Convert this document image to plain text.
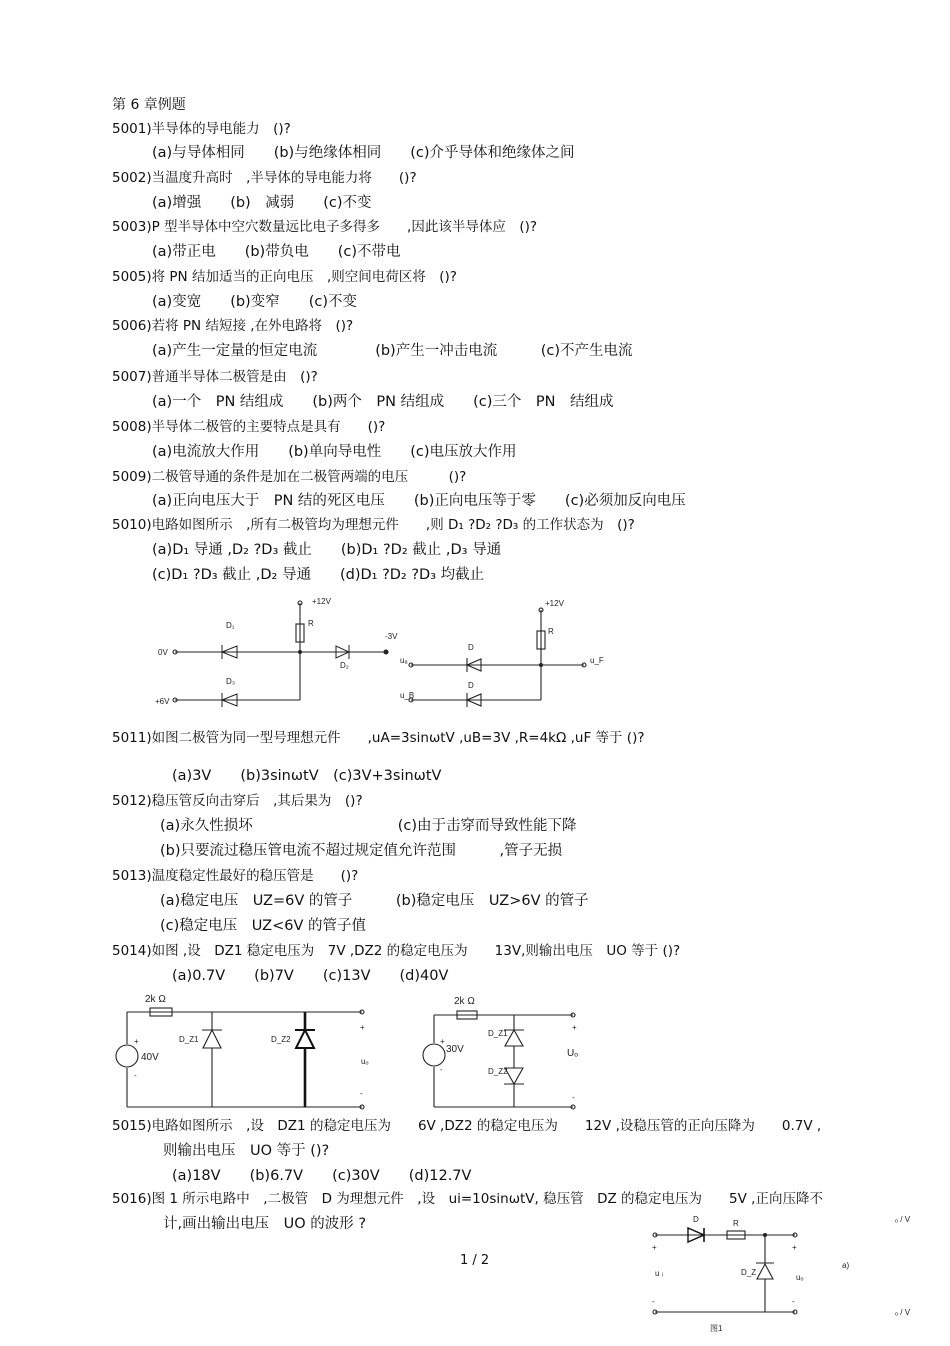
第 6 章例题
5001)半导体的导电能力　()?
(a)与导体相同　　(b)与绝缘体相同　　(c)介乎导体和绝缘体之间
5002)当温度升高时　,半导体的导电能力将　　()?
(a)增强　　(b)　减弱　　(c)不变
5003)P 型半导体中空穴数量远比电子多得多　　,因此该半导体应　()?
(a)带正电　　(b)带负电　　(c)不带电
5005)将 PN 结加适当的正向电压　,则空间电荷区将　()?
(a)变宽　　(b)变窄　　(c)不变
5006)若将 PN 结短接 ,在外电路将　()?
(a)产生一定量的恒定电流　　　　(b)产生一冲击电流　　　(c)不产生电流
5007)普通半导体二极管是由　()?
(a)一个　PN 结组成　　(b)两个　PN 结组成　　(c)三个　PN　结组成
5008)半导体二极管的主要特点是具有　　()?
(a)电流放大作用　　(b)单向导电性　　(c)电压放大作用
5009)二极管导通的条件是加在二极管两端的电压　　　()?
(a)正向电压大于　PN 结的死区电压　　(b)正向电压等于零　　(c)必须加反向电压
5010)电路如图所示　,所有二极管均为理想元件　　,则 D₁ ?D₂ ?D₃ 的工作状态为　()?
(a)D₁ 导通 ,D₂ ?D₃ 截止　　(b)D₁ ?D₂ 截止 ,D₃ 导通
(c)D₁ ?D₃ 截止 ,D₂ 导通　　(d)D₁ ?D₂ ?D₃ 均截止
5011)如图二极管为同一型号理想元件　　,uA=3sinωtV ,uB=3V ,R=4kΩ ,uF 等于 ()?
(a)3V　　(b)3sinωtV　(c)3V+3sinωtV
5012)稳压管反向击穿后　,其后果为　()?
(a)永久性损坏　　　　　　　　　　(c)由于击穿而导致性能下降
(b)只要流过稳压管电流不超过规定值允许范围　　　,管子无损
5013)温度稳定性最好的稳压管是　　()?
(a)稳定电压　UZ=6V 的管子　　　(b)稳定电压　UZ>6V 的管子
(c)稳定电压　UZ<6V 的管子值
5014)如图 ,设　DZ1 稳定电压为　7V ,DZ2 的稳定电压为　　13V,则输出电压　UO 等于 ()?
(a)0.7V　　(b)7V　　(c)13V　　(d)40V
5015)电路如图所示　,设　DZ1 的稳定电压为　　6V ,DZ2 的稳定电压为　　12V ,设稳压管的正向压降为　　0.7V ,
则输出电压　UO 等于 ()?
(a)18V　　(b)6.7V　　(c)30V　　(d)12.7V
5016)图 1 所示电路中　,二极管　D 为理想元件　,设　ui=10sinωtV, 稳压管　DZ 的稳定电压为　　5V ,正向压降不
计,画出输出电压　UO 的波形 ?
+12V
R
0V
+6V
D₁
D₂
D₃
-3V
+12V
R
D
D
uₐ
u_B
u_F
2k Ω
40V
+
-
D_Z1	D_Z2
+
uₒ
-
2k Ω
30V
+
-
D_Z1
D_Z2
+
Uₒ
-
D	R
D_Z
u ᵢ	uₒ
+	+
-	-
图1
a)
ₒ / V
ₒ / V
1 / 2
